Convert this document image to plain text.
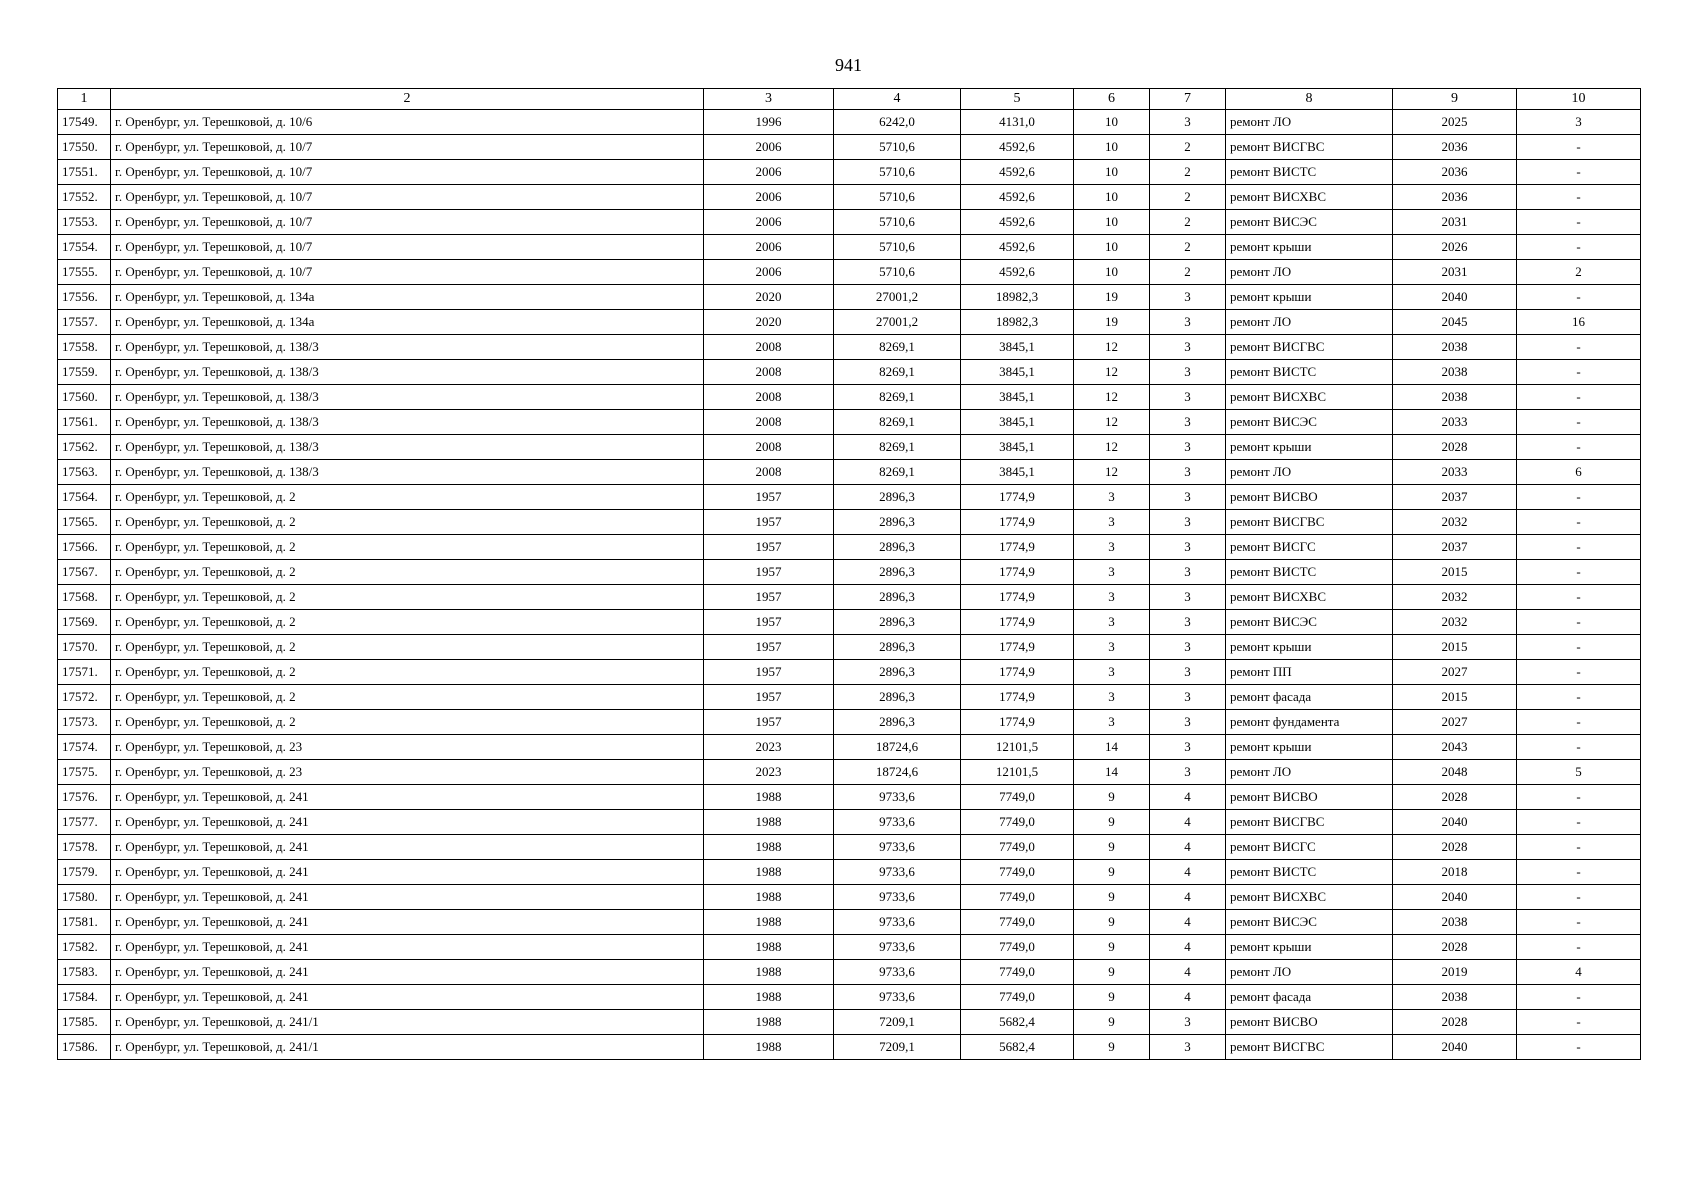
941
1	2	3	4	5	6	7	8	9	10
17549.	г. Оренбург, ул. Терешковой, д. 10/6	1996	6242,0	4131,0	10	3	ремонт ЛО	2025	3
17550.	г. Оренбург, ул. Терешковой, д. 10/7	2006	5710,6	4592,6	10	2	ремонт ВИСГВС	2036	-
17551.	г. Оренбург, ул. Терешковой, д. 10/7	2006	5710,6	4592,6	10	2	ремонт ВИСТС	2036	-
17552.	г. Оренбург, ул. Терешковой, д. 10/7	2006	5710,6	4592,6	10	2	ремонт ВИСХВС	2036	-
17553.	г. Оренбург, ул. Терешковой, д. 10/7	2006	5710,6	4592,6	10	2	ремонт ВИСЭС	2031	-
17554.	г. Оренбург, ул. Терешковой, д. 10/7	2006	5710,6	4592,6	10	2	ремонт крыши	2026	-
17555.	г. Оренбург, ул. Терешковой, д. 10/7	2006	5710,6	4592,6	10	2	ремонт ЛО	2031	2
17556.	г. Оренбург, ул. Терешковой, д. 134а	2020	27001,2	18982,3	19	3	ремонт крыши	2040	-
17557.	г. Оренбург, ул. Терешковой, д. 134а	2020	27001,2	18982,3	19	3	ремонт ЛО	2045	16
17558.	г. Оренбург, ул. Терешковой, д. 138/3	2008	8269,1	3845,1	12	3	ремонт ВИСГВС	2038	-
17559.	г. Оренбург, ул. Терешковой, д. 138/3	2008	8269,1	3845,1	12	3	ремонт ВИСТС	2038	-
17560.	г. Оренбург, ул. Терешковой, д. 138/3	2008	8269,1	3845,1	12	3	ремонт ВИСХВС	2038	-
17561.	г. Оренбург, ул. Терешковой, д. 138/3	2008	8269,1	3845,1	12	3	ремонт ВИСЭС	2033	-
17562.	г. Оренбург, ул. Терешковой, д. 138/3	2008	8269,1	3845,1	12	3	ремонт крыши	2028	-
17563.	г. Оренбург, ул. Терешковой, д. 138/3	2008	8269,1	3845,1	12	3	ремонт ЛО	2033	6
17564.	г. Оренбург, ул. Терешковой, д. 2	1957	2896,3	1774,9	3	3	ремонт ВИСВО	2037	-
17565.	г. Оренбург, ул. Терешковой, д. 2	1957	2896,3	1774,9	3	3	ремонт ВИСГВС	2032	-
17566.	г. Оренбург, ул. Терешковой, д. 2	1957	2896,3	1774,9	3	3	ремонт ВИСГС	2037	-
17567.	г. Оренбург, ул. Терешковой, д. 2	1957	2896,3	1774,9	3	3	ремонт ВИСТС	2015	-
17568.	г. Оренбург, ул. Терешковой, д. 2	1957	2896,3	1774,9	3	3	ремонт ВИСХВС	2032	-
17569.	г. Оренбург, ул. Терешковой, д. 2	1957	2896,3	1774,9	3	3	ремонт ВИСЭС	2032	-
17570.	г. Оренбург, ул. Терешковой, д. 2	1957	2896,3	1774,9	3	3	ремонт крыши	2015	-
17571.	г. Оренбург, ул. Терешковой, д. 2	1957	2896,3	1774,9	3	3	ремонт ПП	2027	-
17572.	г. Оренбург, ул. Терешковой, д. 2	1957	2896,3	1774,9	3	3	ремонт фасада	2015	-
17573.	г. Оренбург, ул. Терешковой, д. 2	1957	2896,3	1774,9	3	3	ремонт фундамента	2027	-
17574.	г. Оренбург, ул. Терешковой, д. 23	2023	18724,6	12101,5	14	3	ремонт крыши	2043	-
17575.	г. Оренбург, ул. Терешковой, д. 23	2023	18724,6	12101,5	14	3	ремонт ЛО	2048	5
17576.	г. Оренбург, ул. Терешковой, д. 241	1988	9733,6	7749,0	9	4	ремонт ВИСВО	2028	-
17577.	г. Оренбург, ул. Терешковой, д. 241	1988	9733,6	7749,0	9	4	ремонт ВИСГВС	2040	-
17578.	г. Оренбург, ул. Терешковой, д. 241	1988	9733,6	7749,0	9	4	ремонт ВИСГС	2028	-
17579.	г. Оренбург, ул. Терешковой, д. 241	1988	9733,6	7749,0	9	4	ремонт ВИСТС	2018	-
17580.	г. Оренбург, ул. Терешковой, д. 241	1988	9733,6	7749,0	9	4	ремонт ВИСХВС	2040	-
17581.	г. Оренбург, ул. Терешковой, д. 241	1988	9733,6	7749,0	9	4	ремонт ВИСЭС	2038	-
17582.	г. Оренбург, ул. Терешковой, д. 241	1988	9733,6	7749,0	9	4	ремонт крыши	2028	-
17583.	г. Оренбург, ул. Терешковой, д. 241	1988	9733,6	7749,0	9	4	ремонт ЛО	2019	4
17584.	г. Оренбург, ул. Терешковой, д. 241	1988	9733,6	7749,0	9	4	ремонт фасада	2038	-
17585.	г. Оренбург, ул. Терешковой, д. 241/1	1988	7209,1	5682,4	9	3	ремонт ВИСВО	2028	-
17586.	г. Оренбург, ул. Терешковой, д. 241/1	1988	7209,1	5682,4	9	3	ремонт ВИСГВС	2040	-
